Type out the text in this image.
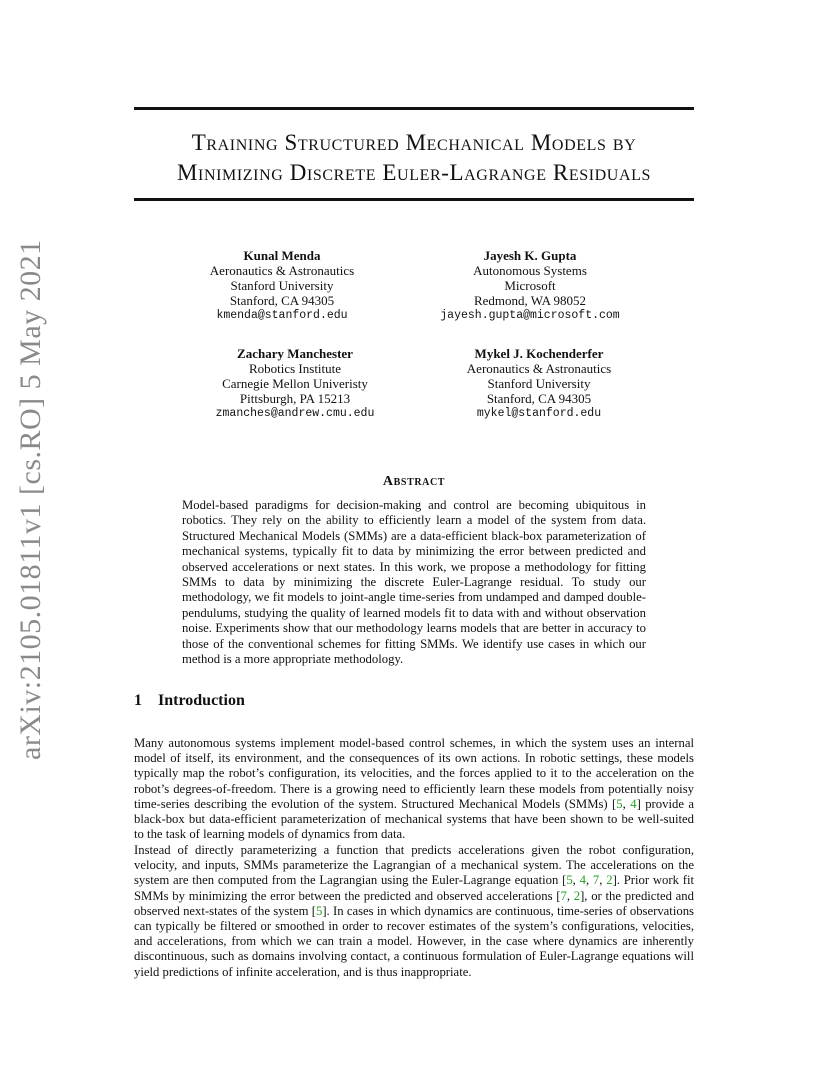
arXiv:2105.01811v1 [cs.RO] 5 May 2021
Training Structured Mechanical Models by
Minimizing Discrete Euler-Lagrange Residuals
Kunal Menda
Aeronautics & Astronautics
Stanford University
Stanford, CA 94305
kmenda@stanford.edu
Jayesh K. Gupta
Autonomous Systems
Microsoft
Redmond, WA 98052
jayesh.gupta@microsoft.com
Zachary Manchester
Robotics Institute
Carnegie Mellon Univeristy
Pittsburgh, PA 15213
zmanches@andrew.cmu.edu
Mykel J. Kochenderfer
Aeronautics & Astronautics
Stanford University
Stanford, CA 94305
mykel@stanford.edu
Abstract
Model-based paradigms for decision-making and control are becoming ubiquitous in robotics. They rely on the ability to efficiently learn a model of the system from data. Structured Mechanical Models (SMMs) are a data-efficient black-box parameterization of mechanical systems, typically fit to data by minimizing the error between predicted and observed accelerations or next states. In this work, we propose a methodology for fitting SMMs to data by minimizing the discrete Euler-Lagrange residual. To study our methodology, we fit models to joint-angle time-series from undamped and damped double-pendulums, studying the quality of learned models fit to data with and without observation noise. Experiments show that our methodology learns models that are better in accuracy to those of the conventional schemes for fitting SMMs. We identify use cases in which our method is a more appropriate methodology.
1 Introduction
Many autonomous systems implement model-based control schemes, in which the system uses an internal model of itself, its environment, and the consequences of its own actions. In robotic settings, these models typically map the robot’s configuration, its velocities, and the forces applied to it to the acceleration on the robot’s degrees-of-freedom. There is a growing need to efficiently learn these models from potentially noisy time-series describing the evolution of the system. Structured Mechanical Models (SMMs) [5, 4] provide a black-box but data-efficient parameterization of mechanical systems that have been shown to be well-suited to the task of learning models of dynamics from data.
Instead of directly parameterizing a function that predicts accelerations given the robot configuration, velocity, and inputs, SMMs parameterize the Lagrangian of a mechanical system. The accelerations on the system are then computed from the Lagrangian using the Euler-Lagrange equation [5, 4, 7, 2]. Prior work fit SMMs by minimizing the error between the predicted and observed accelerations [7, 2], or the predicted and observed next-states of the system [5]. In cases in which dynamics are continuous, time-series of observations can typically be filtered or smoothed in order to recover estimates of the system’s configurations, velocities, and accelerations, from which we can train a model. However, in the case where dynamics are inherently discontinuous, such as domains involving contact, a continuous formulation of Euler-Lagrange equations will yield predictions of infinite acceleration, and is thus inappropriate.
